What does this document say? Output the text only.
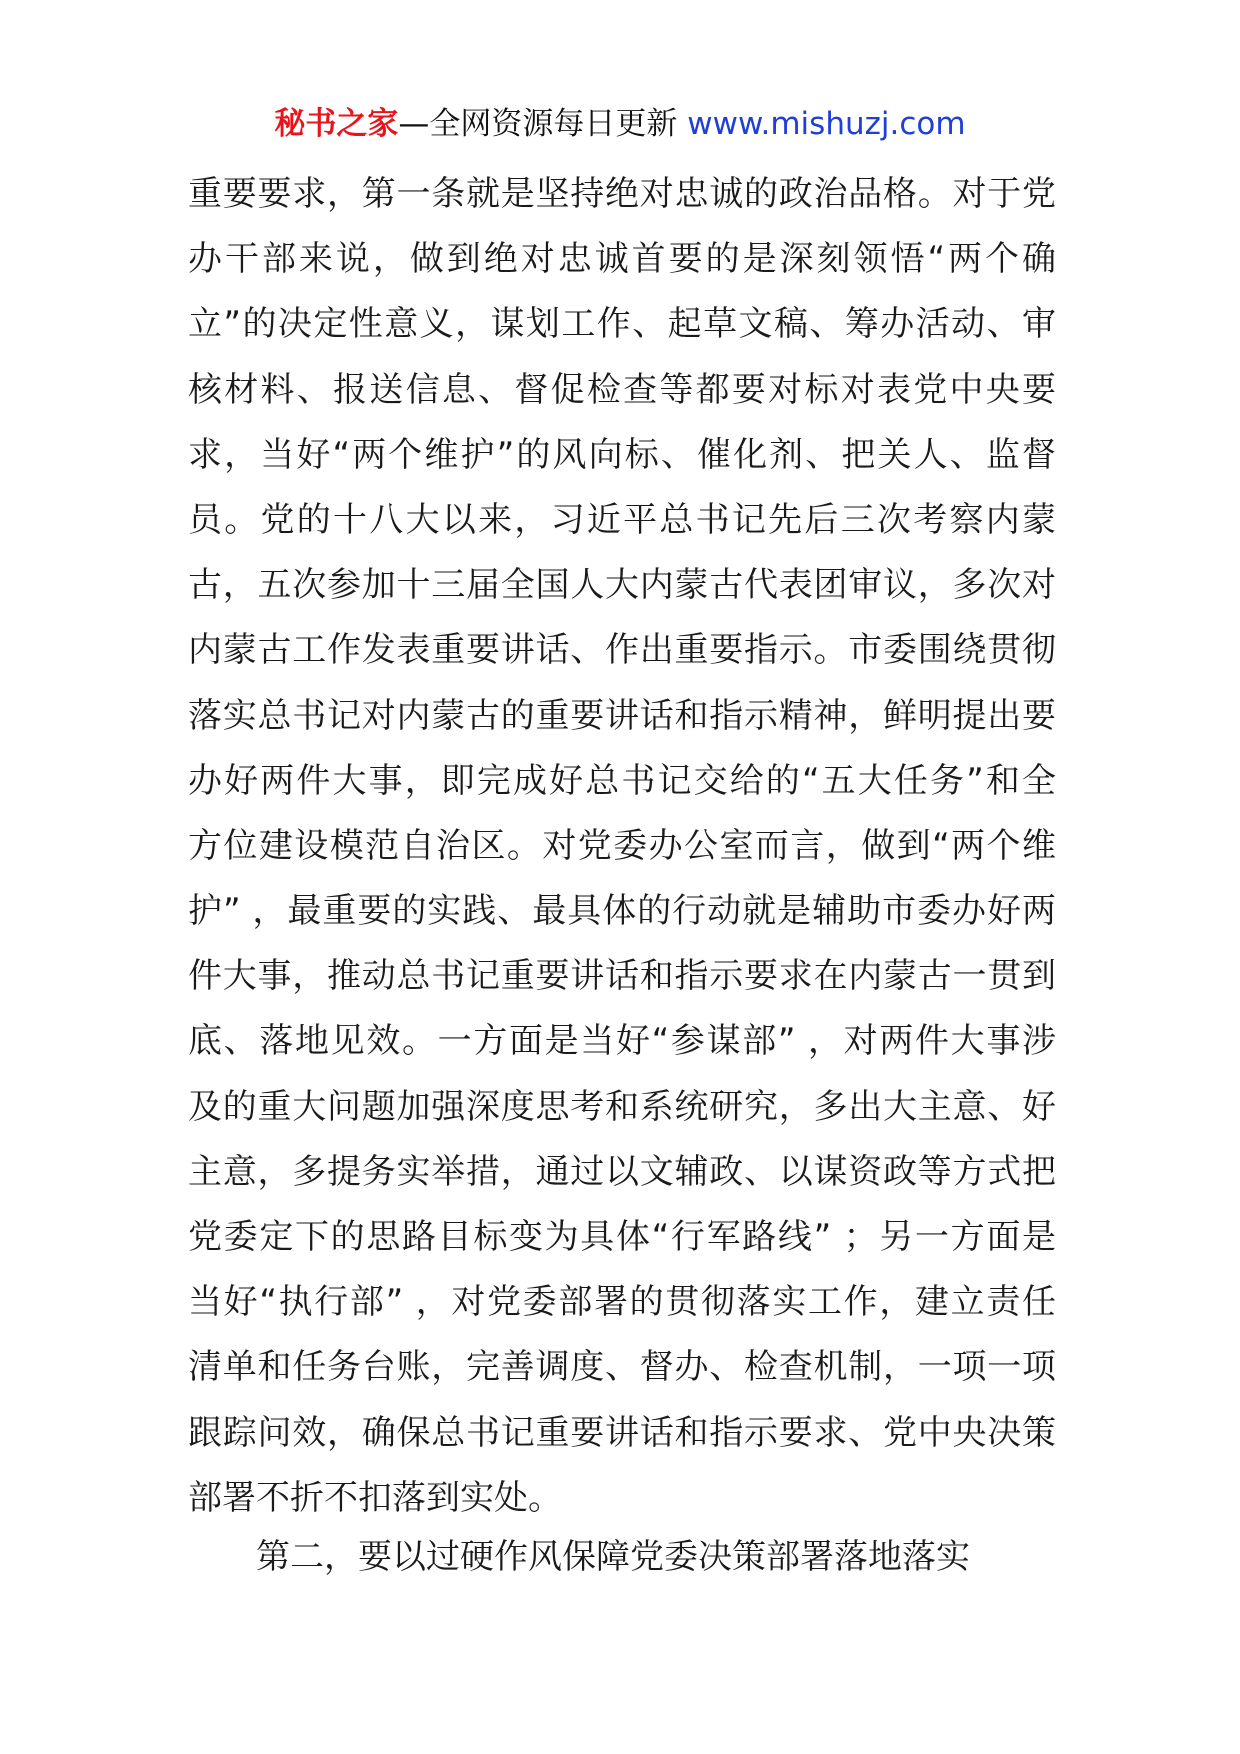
秘书之家—全网资源每日更新 www.mishuzj.com
重要要求，第一条就是坚持绝对忠诚的政治品格。对于党
办干部来说，做到绝对忠诚首要的是深刻领悟“两个确
立”的决定性意义，谋划工作、起草文稿、筹办活动、审
核材料、报送信息、督促检查等都要对标对表党中央要
求，当好“两个维护”的风向标、催化剂、把关人、监督
员。党的十八大以来，习近平总书记先后三次考察内蒙
古，五次参加十三届全国人大内蒙古代表团审议，多次对
内蒙古工作发表重要讲话、作出重要指示。市委围绕贯彻
落实总书记对内蒙古的重要讲话和指示精神，鲜明提出要
办好两件大事，即完成好总书记交给的“五大任务”和全
方位建设模范自治区。对党委办公室而言，做到“两个维
护” ，最重要的实践、最具体的行动就是辅助市委办好两
件大事，推动总书记重要讲话和指示要求在内蒙古一贯到
底、落地见效。一方面是当好“参谋部” ，对两件大事涉
及的重大问题加强深度思考和系统研究，多出大主意、好
主意，多提务实举措，通过以文辅政、以谋资政等方式把
党委定下的思路目标变为具体“行军路线” ；另一方面是
当好“执行部” ，对党委部署的贯彻落实工作，建立责任
清单和任务台账，完善调度、督办、检查机制，一项一项
跟踪问效，确保总书记重要讲话和指示要求、党中央决策
部署不折不扣落到实处。
第二，要以过硬作风保障党委决策部署落地落实
